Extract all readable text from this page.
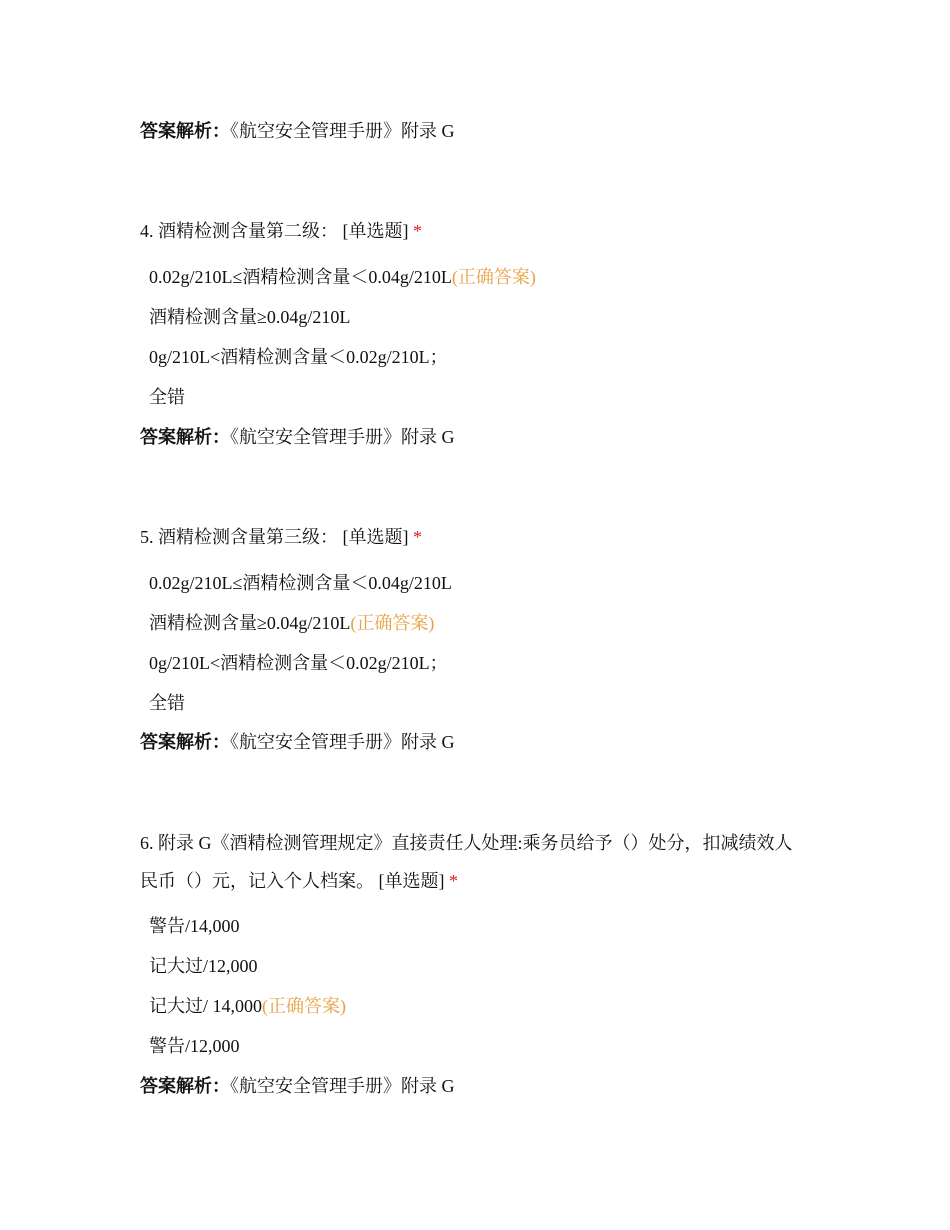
答案解析：《航空安全管理手册》附录 G
4. 酒精检测含量第二级： [单选题] *
0.02g/210L≤酒精检测含量＜0.04g/210L(正确答案)
酒精检测含量≥0.04g/210L
0g/210L<酒精检测含量＜0.02g/210L；
全错
答案解析：《航空安全管理手册》附录 G
5. 酒精检测含量第三级： [单选题] *
0.02g/210L≤酒精检测含量＜0.04g/210L
酒精检测含量≥0.04g/210L(正确答案)
0g/210L<酒精检测含量＜0.02g/210L；
全错
答案解析：《航空安全管理手册》附录 G
6. 附录 G《酒精检测管理规定》直接责任人处理:乘务员给予（）处分，扣减绩效人民币（）元，记入个人档案。 [单选题] *
警告/14,000
记大过/12,000
记大过/ 14,000(正确答案)
警告/12,000
答案解析：《航空安全管理手册》附录 G
